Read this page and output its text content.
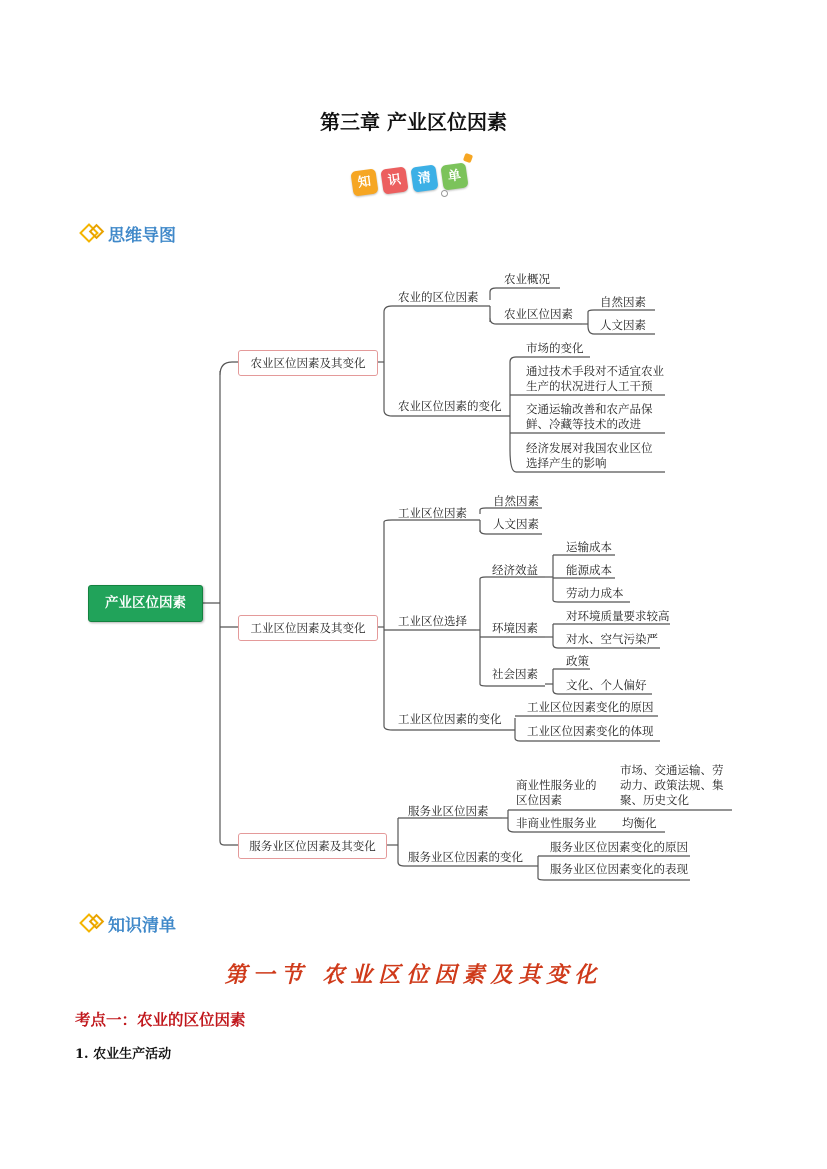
第三章 产业区位因素
知	识	清	单
思维导图
产业区位因素
农业区位因素及其变化
工业区位因素及其变化
服务业区位因素及其变化
农业的区位因素
农业概况
农业区位因素
自然因素
人文因素
农业区位因素的变化
市场的变化
通过技术手段对不适宜农业生产的状况进行人工干预
交通运输改善和农产品保鲜、冷藏等技术的改进
经济发展对我国农业区位选择产生的影响
工业区位因素
自然因素
人文因素
工业区位选择
经济效益
运输成本
能源成本
劳动力成本
环境因素
对环境质量要求较高
对水、空气污染严
社会因素
政策
文化、个人偏好
工业区位因素的变化
工业区位因素变化的原因
工业区位因素变化的体现
服务业区位因素
商业性服务业的区位因素
市场、交通运输、劳动力、政策法规、集聚、历史文化
非商业性服务业 均衡化
服务业区位因素的变化
服务业区位因素变化的原因
服务业区位因素变化的表现
知识清单
第一节 农业区位因素及其变化
考点一：农业的区位因素
1. 农业生产活动
